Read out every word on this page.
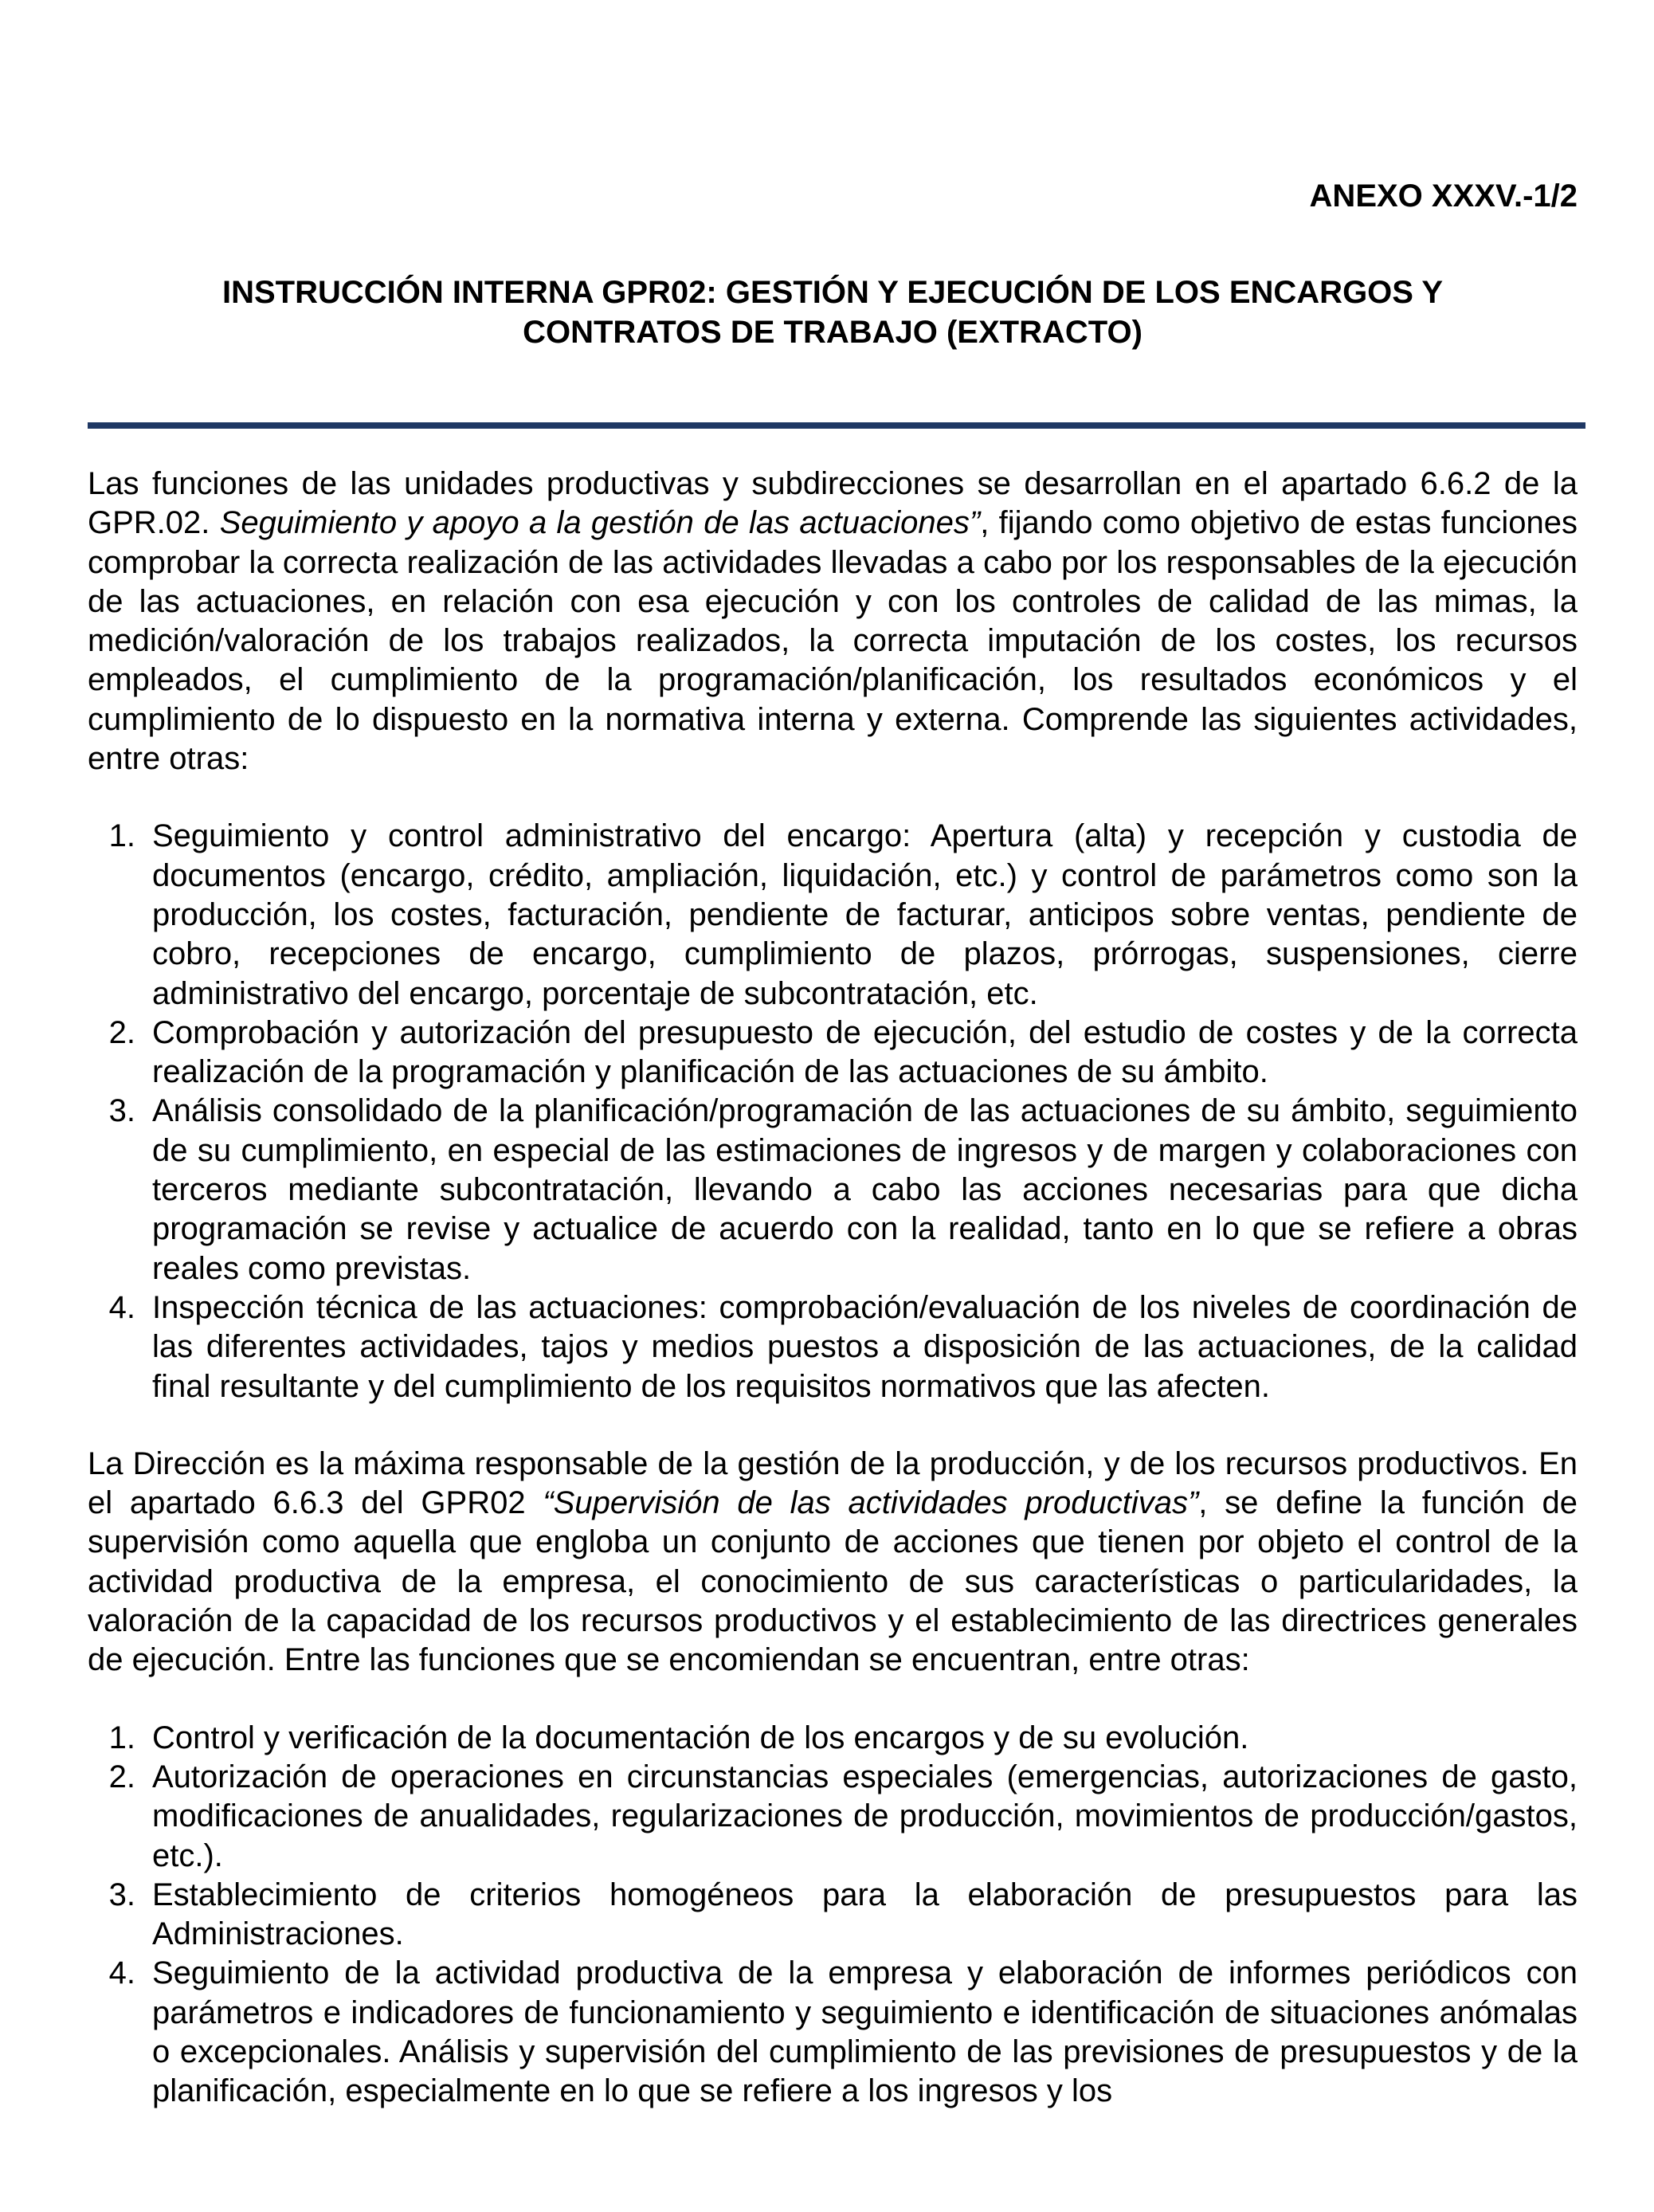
ANEXO XXXV.-1/2
INSTRUCCIÓN INTERNA GPR02: GESTIÓN Y EJECUCIÓN DE LOS ENCARGOS Y
CONTRATOS DE TRABAJO (EXTRACTO)

Las funciones de las unidades productivas y subdirecciones se desarrollan en el apartado 6.6.2 de la GPR.02. Seguimiento y apoyo a la gestión de las actuaciones”, fijando como objetivo de estas funciones comprobar la correcta realización de las actividades llevadas a cabo por los responsables de la ejecución de las actuaciones, en relación con esa ejecución y con los controles de calidad de las mimas, la medición/valoración de los trabajos realizados, la correcta imputación de los costes, los recursos empleados, el cumplimiento de la programación/planificación, los resultados económicos y el cumplimiento de lo dispuesto en la normativa interna y externa. Comprende las siguientes actividades, entre otras:

1. Seguimiento y control administrativo del encargo: Apertura (alta) y recepción y custodia de documentos (encargo, crédito, ampliación, liquidación, etc.) y control de parámetros como son la producción, los costes, facturación, pendiente de facturar, anticipos sobre ventas, pendiente de cobro, recepciones de encargo, cumplimiento de plazos, prórrogas, suspensiones, cierre administrativo del encargo, porcentaje de subcontratación, etc.
2. Comprobación y autorización del presupuesto de ejecución, del estudio de costes y de la correcta realización de la programación y planificación de las actuaciones de su ámbito.
3. Análisis consolidado de la planificación/programación de las actuaciones de su ámbito, seguimiento de su cumplimiento, en especial de las estimaciones de ingresos y de margen y colaboraciones con terceros mediante subcontratación, llevando a cabo las acciones necesarias para que dicha programación se revise y actualice de acuerdo con la realidad, tanto en lo que se refiere a obras reales como previstas.
4. Inspección técnica de las actuaciones: comprobación/evaluación de los niveles de coordinación de las diferentes actividades, tajos y medios puestos a disposición de las actuaciones, de la calidad final resultante y del cumplimiento de los requisitos normativos que las afecten.

La Dirección es la máxima responsable de la gestión de la producción, y de los recursos productivos. En el apartado 6.6.3 del GPR02 “Supervisión de las actividades productivas”, se define la función de supervisión como aquella que engloba un conjunto de acciones que tienen por objeto el control de la actividad productiva de la empresa, el conocimiento de sus características o particularidades, la valoración de la capacidad de los recursos productivos y el establecimiento de las directrices generales de ejecución. Entre las funciones que se encomiendan se encuentran, entre otras:

1. Control y verificación de la documentación de los encargos y de su evolución.
2. Autorización de operaciones en circunstancias especiales (emergencias, autorizaciones de gasto, modificaciones de anualidades, regularizaciones de producción, movimientos de producción/gastos, etc.).
3. Establecimiento de criterios homogéneos para la elaboración de presupuestos para las Administraciones.
4. Seguimiento de la actividad productiva de la empresa y elaboración de informes periódicos con parámetros e indicadores de funcionamiento y seguimiento e identificación de situaciones anómalas o excepcionales. Análisis y supervisión del cumplimiento de las previsiones de presupuestos y de la planificación, especialmente en lo que se refiere a los ingresos y los
